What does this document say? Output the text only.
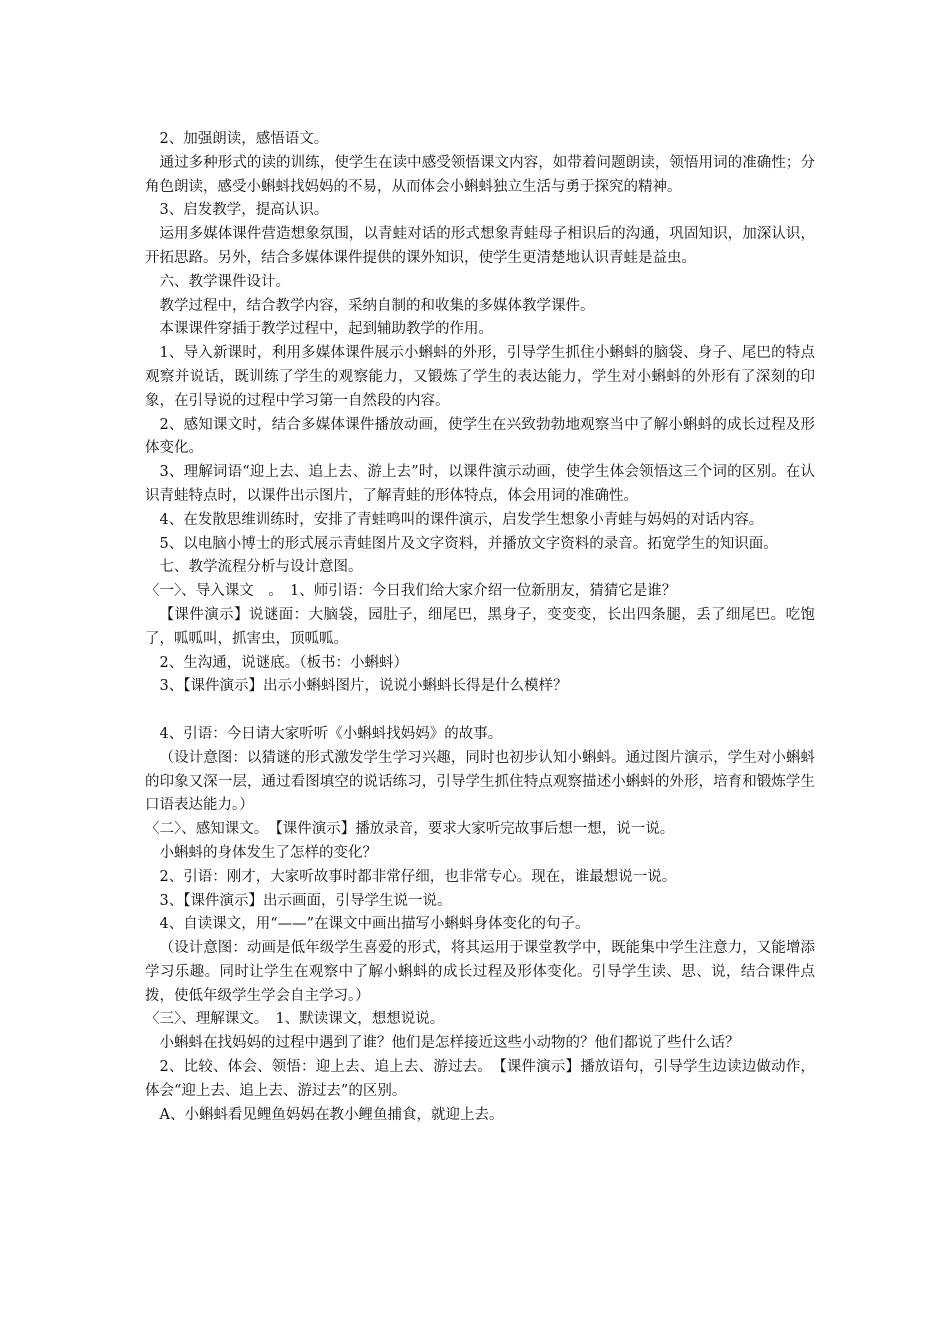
2、加强朗读，感悟语文。

通过多种形式的读的训练，使学生在读中感受领悟课文内容，如带着问题朗读，领悟用词的准确性；分角色朗读，感受小蝌蚪找妈妈的不易，从而体会小蝌蚪独立生活与勇于探究的精神。

3、启发教学，提高认识。

运用多媒体课件营造想象氛围，以青蛙对话的形式想象青蛙母子相识后的沟通，巩固知识，加深认识，开拓思路。另外，结合多媒体课件提供的课外知识，使学生更清楚地认识青蛙是益虫。

六、教学课件设计。

教学过程中，结合教学内容，采纳自制的和收集的多媒体教学课件。

本课课件穿插于教学过程中，起到辅助教学的作用。

1、导入新课时，利用多媒体课件展示小蝌蚪的外形，引导学生抓住小蝌蚪的脑袋、身子、尾巴的特点观察并说话，既训练了学生的观察能力，又锻炼了学生的表达能力，学生对小蝌蚪的外形有了深刻的印象，在引导说的过程中学习第一自然段的内容。

2、感知课文时，结合多媒体课件播放动画，使学生在兴致勃勃地观察当中了解小蝌蚪的成长过程及形体变化。

3、理解词语“迎上去、追上去、游上去”时，以课件演示动画，使学生体会领悟这三个词的区别。在认识青蛙特点时，以课件出示图片，了解青蛙的形体特点，体会用词的准确性。

4、在发散思维训练时，安排了青蛙鸣叫的课件演示，启发学生想象小青蛙与妈妈的对话内容。

5、以电脑小博士的形式展示青蛙图片及文字资料，并播放文字资料的录音。拓宽学生的知识面。

七、教学流程分析与设计意图。

〈一〉、导入课文　。　1、师引语：今日我们给大家介绍一位新朋友，猜猜它是谁？

【课件演示】说谜面：大脑袋，园肚子，细尾巴，黑身子，变变变，长出四条腿，丢了细尾巴。吃饱了，呱呱叫，抓害虫，顶呱呱。

2、生沟通，说谜底。（板书：小蝌蚪）

3、【课件演示】出示小蝌蚪图片，说说小蝌蚪长得是什么模样？

4、引语：今日请大家听听《小蝌蚪找妈妈》的故事。

（设计意图：以猜谜的形式激发学生学习兴趣，同时也初步认知小蝌蚪。通过图片演示，学生对小蝌蚪的印象又深一层，通过看图填空的说话练习，引导学生抓住特点观察描述小蝌蚪的外形，培育和锻炼学生口语表达能力。）

〈二〉、感知课文。　【课件演示】播放录音，要求大家听完故事后想一想，说一说。

小蝌蚪的身体发生了怎样的变化？

2、引语：刚才，大家听故事时都非常仔细，也非常专心。现在，谁最想说一说。

3、【课件演示】出示画面，引导学生说一说。

4、自读课文，用“——”在课文中画出描写小蝌蚪身体变化的句子。

（设计意图：动画是低年级学生喜爱的形式，将其运用于课堂教学中，既能集中学生注意力，又能增添学习乐趣。同时让学生在观察中了解小蝌蚪的成长过程及形体变化。引导学生读、思、说，结合课件点拨，使低年级学生学会自主学习。）

〈三〉、理解课文。　1、默读课文，想想说说。

小蝌蚪在找妈妈的过程中遇到了谁？他们是怎样接近这些小动物的？他们都说了些什么话？

2、比较、体会、领悟：迎上去、追上去、游过去。　【课件演示】播放语句，引导学生边读边做动作，体会“迎上去、追上去、游过去”的区别。

A、小蝌蚪看见鲤鱼妈妈在教小鲤鱼捕食，就迎上去。
